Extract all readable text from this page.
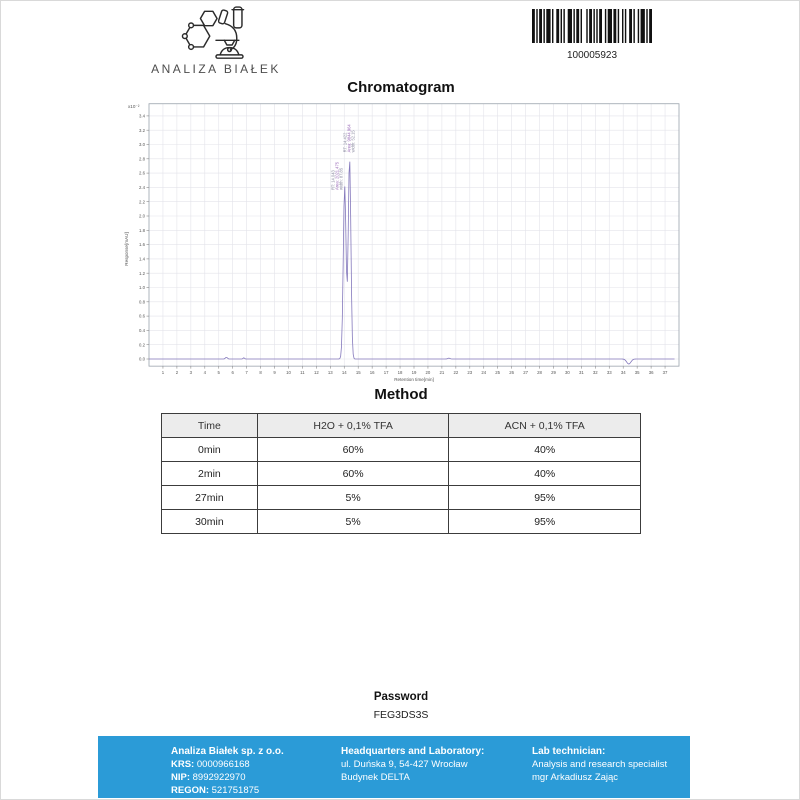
ANALIZA BIAŁEK
100005923
Chromatogram
1	2	3	4	5	6	7	8	9 10 11 12 13 14 15 16 17 18 19 20 21 22 23 24 25 26 27 28 29 30 31 32 33 34 35 36 37
0.0
0.2
0.4
0.6
0.8
1.0
1.2
1.4
1.6
1.8
2.0
2.2
2.4
2.6
2.8
3.0
3.2
3.4
x10⁻²
Response[mAU]
Retention time[min]
RT: 14.043 Area: 2021.475 width: 87.85
RT: 14.422 Area: 9844.964 width: 52.15
Method
Time	H2O + 0,1% TFA	ACN + 0,1% TFA
0min	60%	40%
2min	60%	40%
27min	5%	95%
30min	5%	95%
Password
FEG3DS3S
Analiza Białek sp. z o.o.
KRS: 0000966168
NIP: 8992922970
REGON: 521751875
Headquarters and Laboratory:
ul. Duńska 9, 54-427 Wrocław
Budynek DELTA
Lab technician:
Analysis and research specialist
mgr Arkadiusz Zając
